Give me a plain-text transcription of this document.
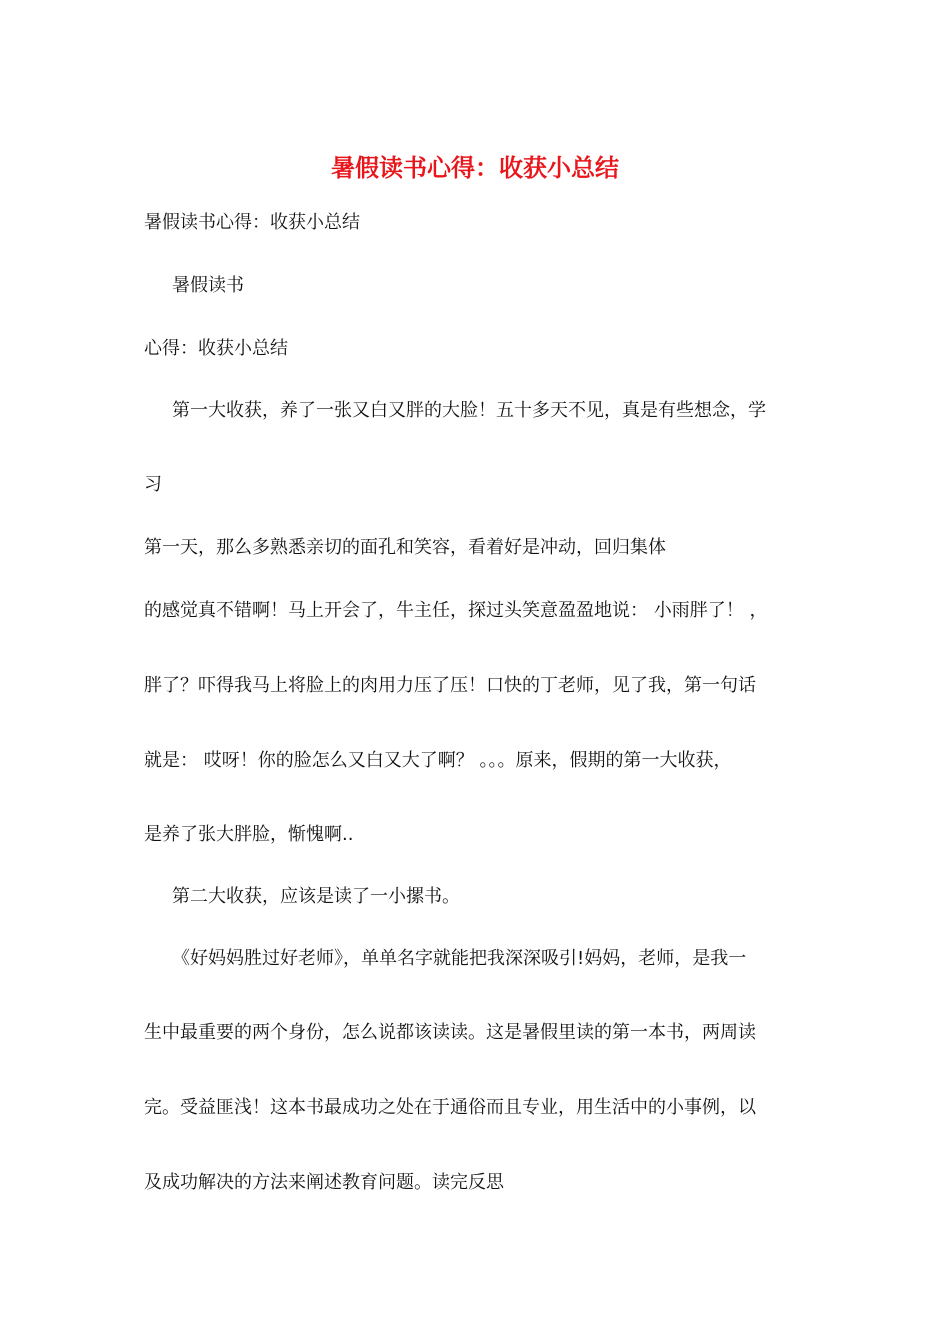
暑假读书心得：收获小总结
暑假读书心得：收获小总结
暑假读书
心得：收获小总结
第一大收获，养了一张又白又胖的大脸！五十多天不见，真是有些想念，学
习
第一天，那么多熟悉亲切的面孔和笑容，看着好是冲动，回归集体
的感觉真不错啊！马上开会了，牛主任，探过头笑意盈盈地说： 小雨胖了！ ，
胖了？吓得我马上将脸上的肉用力压了压！口快的丁老师，见了我，第一句话
就是： 哎呀！你的脸怎么又白又大了啊？ 。。。原来，假期的第一大收获，
是养了张大胖脸，惭愧啊..
第二大收获，应该是读了一小摞书。
《好妈妈胜过好老师》，单单名字就能把我深深吸引!妈妈，老师，是我一
生中最重要的两个身份，怎么说都该读读。这是暑假里读的第一本书，两周读
完。受益匪浅！这本书最成功之处在于通俗而且专业，用生活中的小事例，以
及成功解决的方法来阐述教育问题。读完反思
